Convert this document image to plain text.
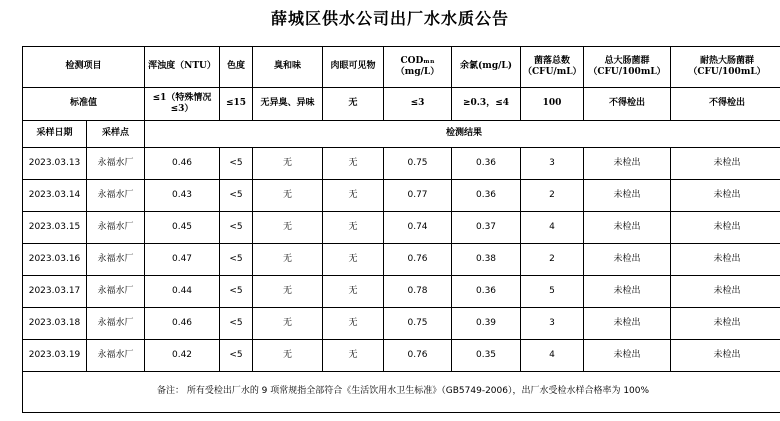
薛城区供水公司出厂水水质公告
检测项目		浑浊度（NTU）	色度	臭和味	肉眼可见物	CODₘₙ（mg/L）	余氯(mg/L)	菌落总数（CFU/mL）	总大肠菌群（CFU/100mL）	耐热大肠菌群（CFU/100mL）
标准值		≤1（特殊情况≤3）	≤15	无异臭、异味	无	≤3	≥0.3，≤4	100	不得检出	不得检出
采样日期	采样点	检测结果								
2023.03.13	永福水厂	0.46	<5	无	无	0.75	0.36	3	未检出	未检出
2023.03.14	永福水厂	0.43	<5	无	无	0.77	0.36	2	未检出	未检出
2023.03.15	永福水厂	0.45	<5	无	无	0.74	0.37	4	未检出	未检出
2023.03.16	永福水厂	0.47	<5	无	无	0.76	0.38	2	未检出	未检出
2023.03.17	永福水厂	0.44	<5	无	无	0.78	0.36	5	未检出	未检出
2023.03.18	永福水厂	0.46	<5	无	无	0.75	0.39	3	未检出	未检出
2023.03.19	永福水厂	0.42	<5	无	无	0.76	0.35	4	未检出	未检出
备注： 所有受检出厂水的 9 项常规指全部符合《生活饮用水卫生标准》（GB5749-2006），出厂水受检水样合格率为 100%										
